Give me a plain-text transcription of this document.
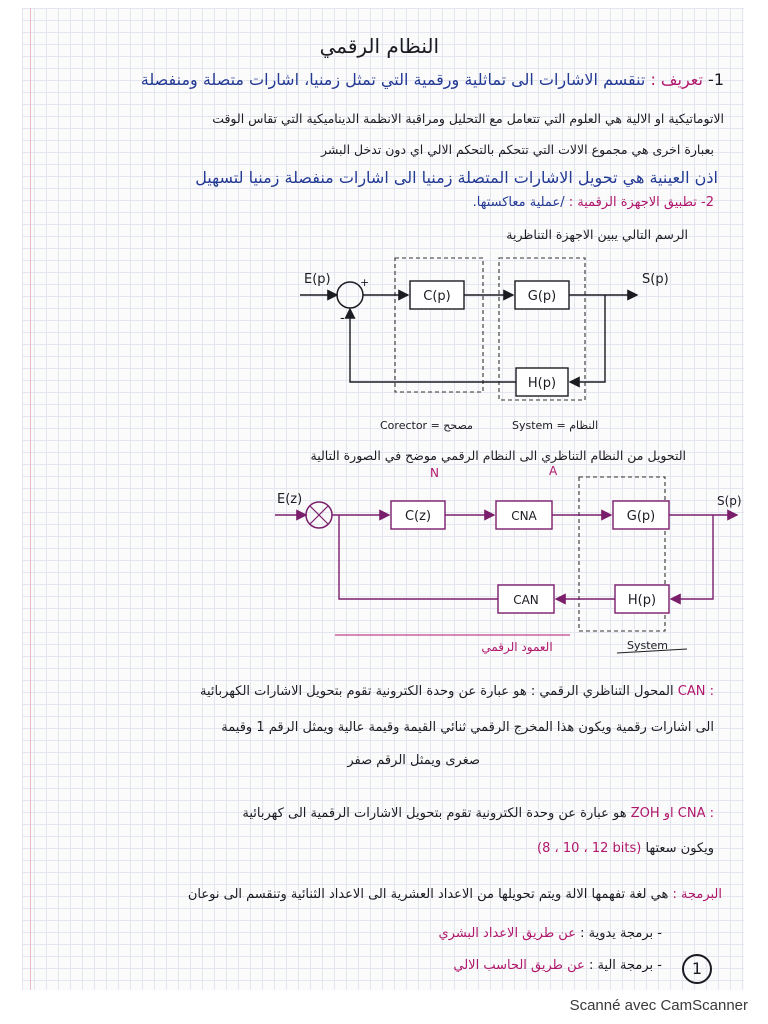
النظام الرقمي
1- تعريف : تنقسم الاشارات الى تماثلية ورقمية التي تمثل زمنيا، اشارات متصلة ومنفصلة
الاتوماتيكية او الالية هي العلوم التي تتعامل مع التحليل ومراقبة الانظمة الديناميكية التي تقاس الوقت
بعبارة اخرى هي مجموع الالات التي تتحكم بالتحكم الالي اي دون تدخل البشر
اذن العينية هي تحويل الاشارات المتصلة زمنيا الى اشارات منفصلة زمنيا لتسهيل
2- تطبيق الاجهزة الرقمية : /عملية معاكستها.
الرسم التالي يبين الاجهزة التناظرية
E(p)	S(p)
+
-
C(p)	G(p)
H(p)
Corector = مصحح	System = النظام
التحويل من النظام التناظري الى النظام الرقمي موضح في الصورة التالية
N	A
E(z)	S(p)
C(z)	CNA	G(p)
CAN	H(p)
System
العمود الرقمي
CAN : المحول التناظري الرقمي : هو عبارة عن وحدة الكترونية تقوم بتحويل الاشارات الكهربائية
الى اشارات رقمية ويكون هذا المخرج الرقمي ثنائي القيمة وقيمة عالية ويمثل الرقم 1 وقيمة
صغرى ويمثل الرقم صفر
ZOH او CNA : هو عبارة عن وحدة الكترونية تقوم بتحويل الاشارات الرقمية الى كهربائية
ويكون سعتها (8 ، 10 ، 12 bits)
البرمجة : هي لغة تفهمها الالة ويتم تحويلها من الاعداد العشرية الى الاعداد الثنائية وتنقسم الى نوعان
- برمجة يدوية : عن طريق الاعداد البشري
- برمجة الية : عن طريق الحاسب الالي	1
Scanné avec CamScanner
